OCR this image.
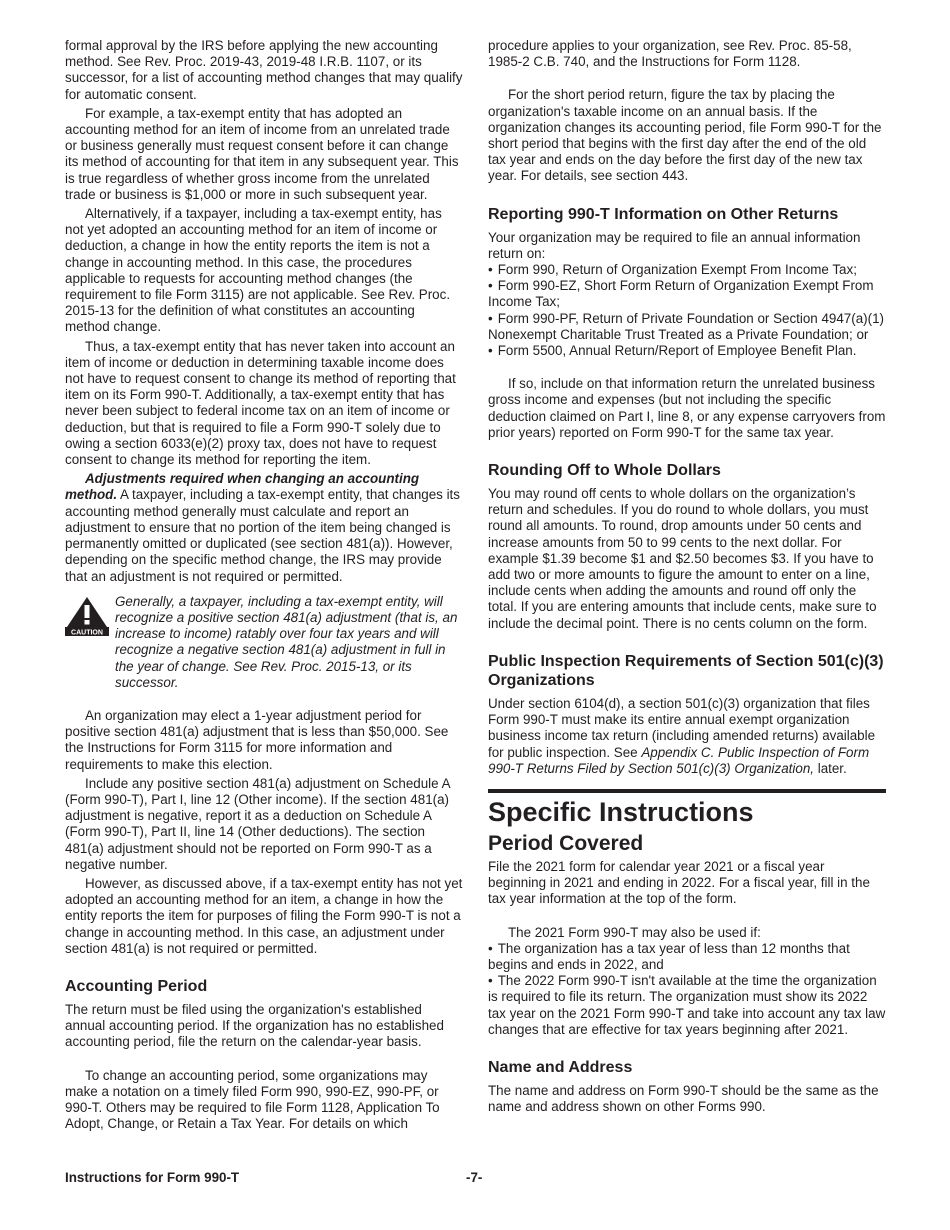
formal approval by the IRS before applying the new accounting method. See Rev. Proc. 2019-43, 2019-48 I.R.B. 1107, or its successor, for a list of accounting method changes that may qualify for automatic consent.

For example, a tax-exempt entity that has adopted an accounting method for an item of income from an unrelated trade or business generally must request consent before it can change its method of accounting for that item in any subsequent year. This is true regardless of whether gross income from the unrelated trade or business is $1,000 or more in such subsequent year.

Alternatively, if a taxpayer, including a tax-exempt entity, has not yet adopted an accounting method for an item of income or deduction, a change in how the entity reports the item is not a change in accounting method. In this case, the procedures applicable to requests for accounting method changes (the requirement to file Form 3115) are not applicable. See Rev. Proc. 2015-13 for the definition of what constitutes an accounting method change.

Thus, a tax-exempt entity that has never taken into account an item of income or deduction in determining taxable income does not have to request consent to change its method of reporting that item on its Form 990-T. Additionally, a tax-exempt entity that has never been subject to federal income tax on an item of income or deduction, but that is required to file a Form 990-T solely due to owing a section 6033(e)(2) proxy tax, does not have to request consent to change its method for reporting the item.

Adjustments required when changing an accounting method. A taxpayer, including a tax-exempt entity, that changes its accounting method generally must calculate and report an adjustment to ensure that no portion of the item being changed is permanently omitted or duplicated (see section 481(a)). However, depending on the specific method change, the IRS may provide that an adjustment is not required or permitted.

CAUTION

Generally, a taxpayer, including a tax-exempt entity, will recognize a positive section 481(a) adjustment (that is, an increase to income) ratably over four tax years and will recognize a negative section 481(a) adjustment in full in the year of change. See Rev. Proc. 2015-13, or its successor.

An organization may elect a 1-year adjustment period for positive section 481(a) adjustment that is less than $50,000. See the Instructions for Form 3115 for more information and requirements to make this election.

Include any positive section 481(a) adjustment on Schedule A (Form 990-T), Part I, line 12 (Other income). If the section 481(a) adjustment is negative, report it as a deduction on Schedule A (Form 990-T), Part II, line 14 (Other deductions). The section 481(a) adjustment should not be reported on Form 990-T as a negative number.

However, as discussed above, if a tax-exempt entity has not yet adopted an accounting method for an item, a change in how the entity reports the item for purposes of filing the Form 990-T is not a change in accounting method. In this case, an adjustment under section 481(a) is not required or permitted.

Accounting Period

The return must be filed using the organization's established annual accounting period. If the organization has no established accounting period, file the return on the calendar-year basis.

To change an accounting period, some organizations may make a notation on a timely filed Form 990, 990-EZ, 990-PF, or 990-T. Others may be required to file Form 1128, Application To Adopt, Change, or Retain a Tax Year. For details on which

procedure applies to your organization, see Rev. Proc. 85-58, 1985-2 C.B. 740, and the Instructions for Form 1128.

For the short period return, figure the tax by placing the organization's taxable income on an annual basis. If the organization changes its accounting period, file Form 990-T for the short period that begins with the first day after the end of the old tax year and ends on the day before the first day of the new tax year. For details, see section 443.

Reporting 990-T Information on Other Returns

Your organization may be required to file an annual information return on:

• Form 990, Return of Organization Exempt From Income Tax;

• Form 990-EZ, Short Form Return of Organization Exempt From Income Tax;

• Form 990-PF, Return of Private Foundation or Section 4947(a)(1) Nonexempt Charitable Trust Treated as a Private Foundation; or

• Form 5500, Annual Return/Report of Employee Benefit Plan.

If so, include on that information return the unrelated business gross income and expenses (but not including the specific deduction claimed on Part I, line 8, or any expense carryovers from prior years) reported on Form 990-T for the same tax year.

Rounding Off to Whole Dollars

You may round off cents to whole dollars on the organization’s return and schedules. If you do round to whole dollars, you must round all amounts. To round, drop amounts under 50 cents and increase amounts from 50 to 99 cents to the next dollar. For example $1.39 become $1 and $2.50 becomes $3. If you have to add two or more amounts to figure the amount to enter on a line, include cents when adding the amounts and round off only the total. If you are entering amounts that include cents, make sure to include the decimal point. There is no cents column on the form.

Public Inspection Requirements of Section 501(c)(3) Organizations

Under section 6104(d), a section 501(c)(3) organization that files Form 990-T must make its entire annual exempt organization business income tax return (including amended returns) available for public inspection. See Appendix C. Public Inspection of Form 990-T Returns Filed by Section 501(c)(3) Organization, later.

Specific Instructions
Period Covered

File the 2021 form for calendar year 2021 or a fiscal year beginning in 2021 and ending in 2022. For a fiscal year, fill in the tax year information at the top of the form.

The 2021 Form 990-T may also be used if:

• The organization has a tax year of less than 12 months that begins and ends in 2022, and

• The 2022 Form 990-T isn't available at the time the organization is required to file its return. The organization must show its 2022 tax year on the 2021 Form 990-T and take into account any tax law changes that are effective for tax years beginning after 2021.

Name and Address

The name and address on Form 990-T should be the same as the name and address shown on other Forms 990.

Instructions for Form 990-T	-7-
